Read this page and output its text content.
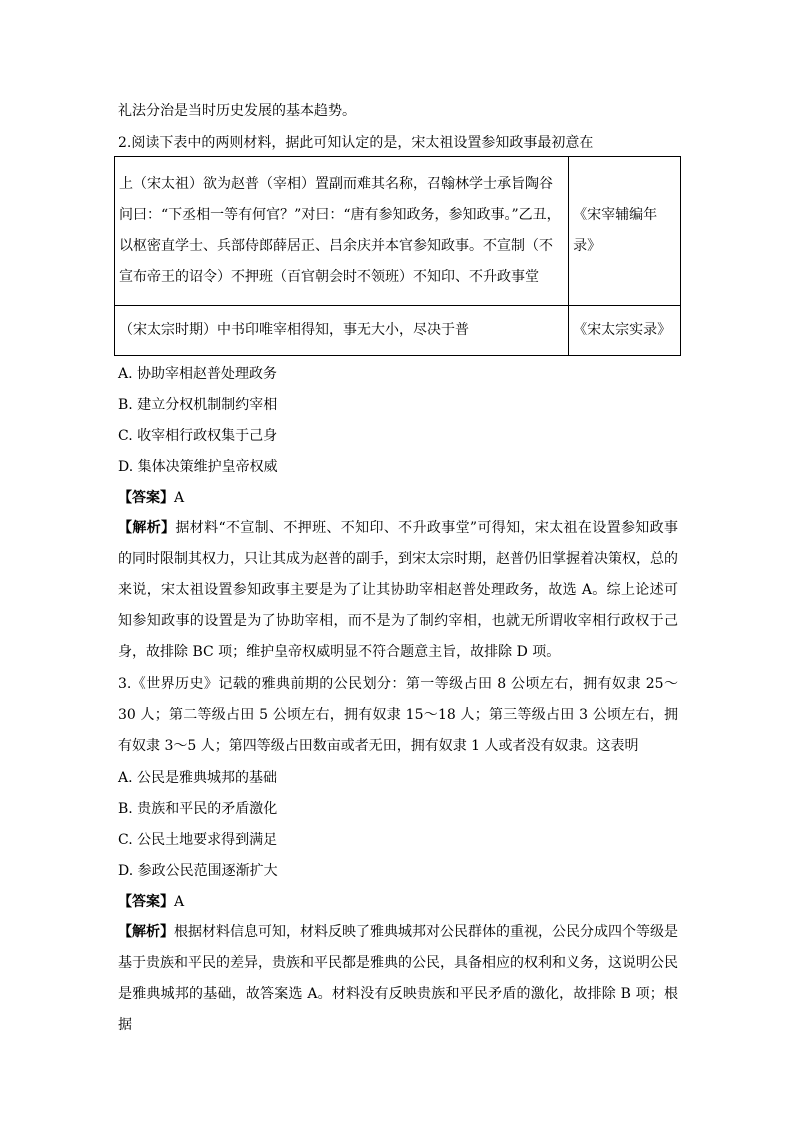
礼法分治是当时历史发展的基本趋势。
2.阅读下表中的两则材料，据此可知认定的是，宋太祖设置参知政事最初意在
上（宋太祖）欲为赵普（宰相）置副而难其名称，召翰林学士承旨陶谷问曰：“下丞相一等有何官？”对曰：“唐有参知政务，参知政事。”乙丑，以枢密直学士、兵部侍郎薛居正、吕余庆并本官参知政事。不宣制（不宣布帝王的诏令）不押班（百官朝会时不领班）不知印、不升政事堂	《宋宰辅编年录》
（宋太宗时期）中书印唯宰相得知，事无大小，尽决于普	《宋太宗实录》
A. 协助宰相赵普处理政务
B. 建立分权机制制约宰相
C. 收宰相行政权集于己身
D. 集体决策维护皇帝权威
【答案】A
【解析】据材料“不宣制、不押班、不知印、不升政事堂”可得知，宋太祖在设置参知政事的同时限制其权力，只让其成为赵普的副手，到宋太宗时期，赵普仍旧掌握着决策权，总的来说，宋太祖设置参知政事主要是为了让其协助宰相赵普处理政务，故选 A。综上论述可知参知政事的设置是为了协助宰相，而不是为了制约宰相，也就无所谓收宰相行政权于己身，故排除 BC 项；维护皇帝权威明显不符合题意主旨，故排除 D 项。
3.《世界历史》记载的雅典前期的公民划分：第一等级占田 8 公顷左右，拥有奴隶 25～30 人；第二等级占田 5 公顷左右，拥有奴隶 15～18 人；第三等级占田 3 公顷左右，拥有奴隶 3～5 人；第四等级占田数亩或者无田，拥有奴隶 1 人或者没有奴隶。这表明
A. 公民是雅典城邦的基础
B. 贵族和平民的矛盾激化
C. 公民土地要求得到满足
D. 参政公民范围逐渐扩大
【答案】A
【解析】根据材料信息可知，材料反映了雅典城邦对公民群体的重视，公民分成四个等级是基于贵族和平民的差异，贵族和平民都是雅典的公民，具备相应的权利和义务，这说明公民是雅典城邦的基础，故答案选 A。材料没有反映贵族和平民矛盾的激化，故排除 B 项；根据
